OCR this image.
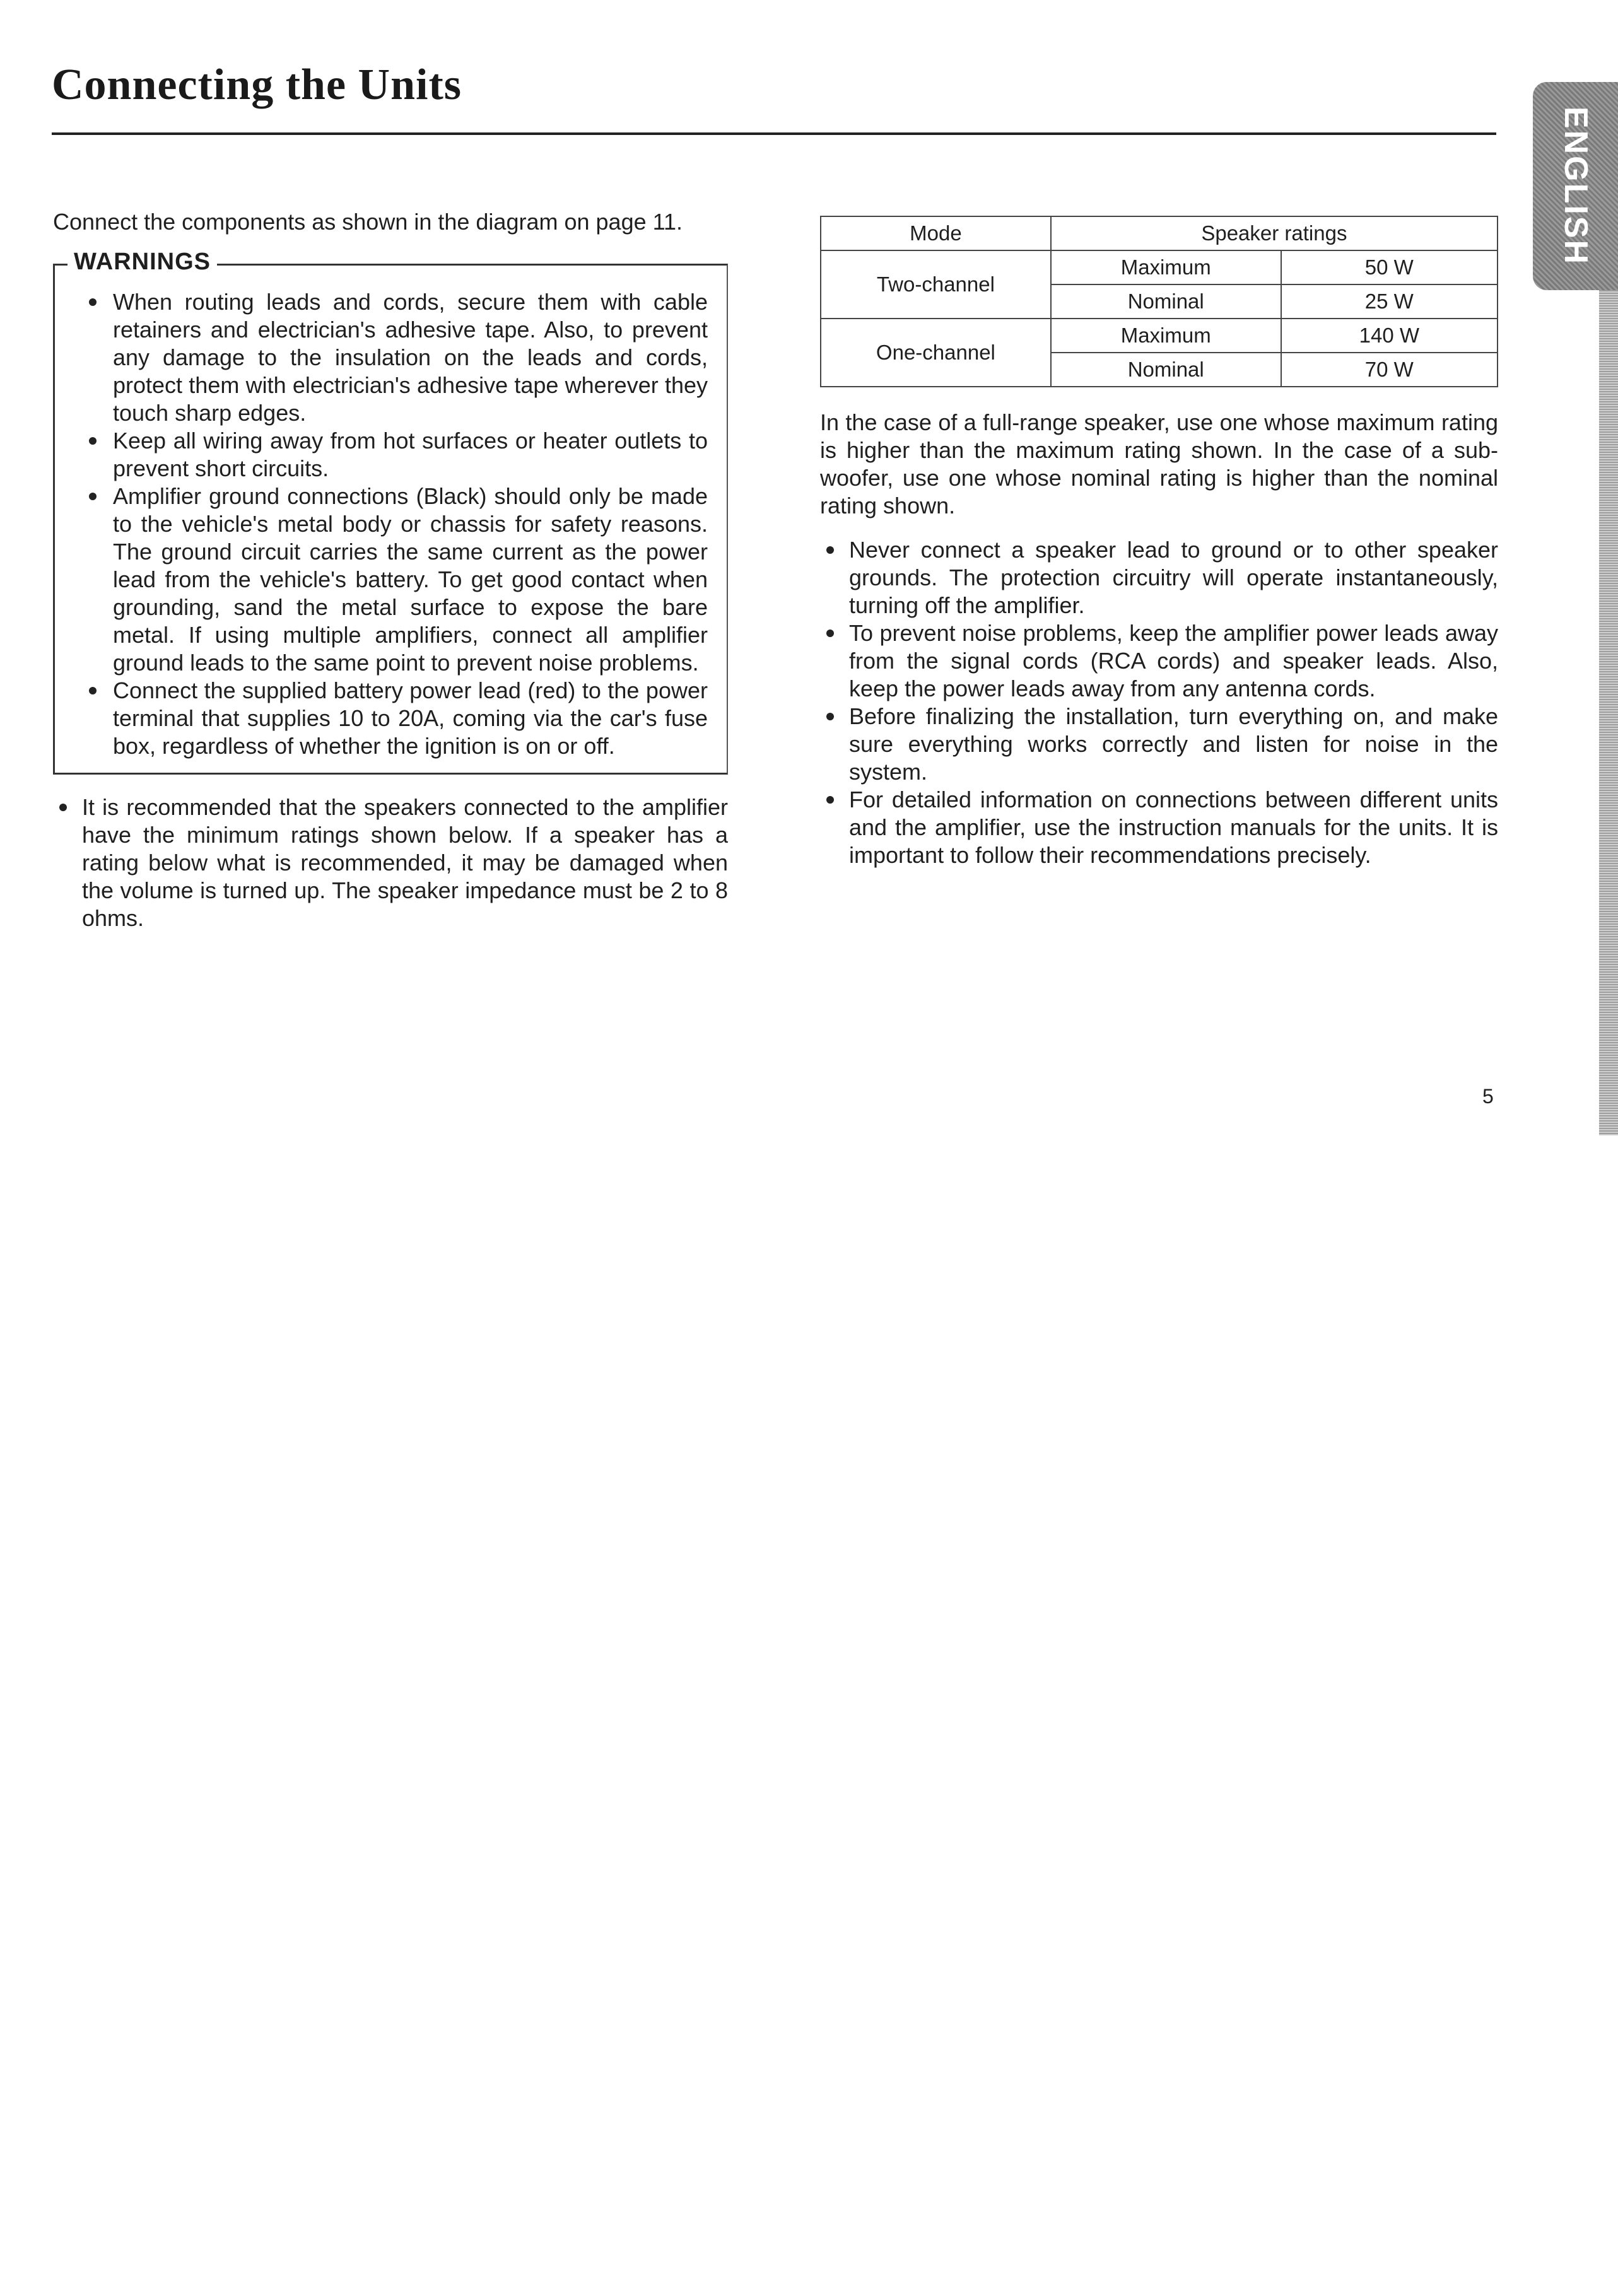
Connecting the Units
ENGLISH

Connect the components as shown in the diagram on page 11.

WARNINGS
When routing leads and cords, secure them with cable retainers and electrician's adhesive tape. Also, to prevent any damage to the insulation on the leads and cords, protect them with electrician's adhesive tape wherever they touch sharp edges.
Keep all wiring away from hot surfaces or heater outlets to prevent short circuits.
Amplifier ground connections (Black) should only be made to the vehicle's metal body or chassis for safety reasons. The ground circuit carries the same current as the power lead from the vehicle's battery. To get good contact when grounding, sand the metal surface to expose the bare metal. If using multiple amplifiers, connect all amplifier ground leads to the same point to prevent noise problems.
Connect the supplied battery power lead (red) to the power terminal that supplies 10 to 20A, coming via the car's fuse box, regardless of whether the ignition is on or off.
It is recommended that the speakers connected to the amplifier have the minimum ratings shown below. If a speaker has a rating below what is recommended, it may be damaged when the volume is turned up. The speaker impedance must be 2 to 8 ohms.
Mode	Speaker ratings	
Two-channel	Maximum	50 W
	Nominal	25 W
One-channel	Maximum	140 W
	Nominal	70 W

In the case of a full-range speaker, use one whose maximum rating is higher than the maximum rating shown. In the case of a sub-woofer, use one whose nominal rating is higher than the nominal rating shown.

Never connect a speaker lead to ground or to other speaker grounds. The protection circuitry will operate instantaneously, turning off the amplifier.
To prevent noise problems, keep the amplifier power leads away from the signal cords (RCA cords) and speaker leads. Also, keep the power leads away from any antenna cords.
Before finalizing the installation, turn everything on, and make sure everything works correctly and listen for noise in the system.
For detailed information on connections between different units and the amplifier, use the instruction manuals for the units. It is important to follow their recommendations precisely.
5
